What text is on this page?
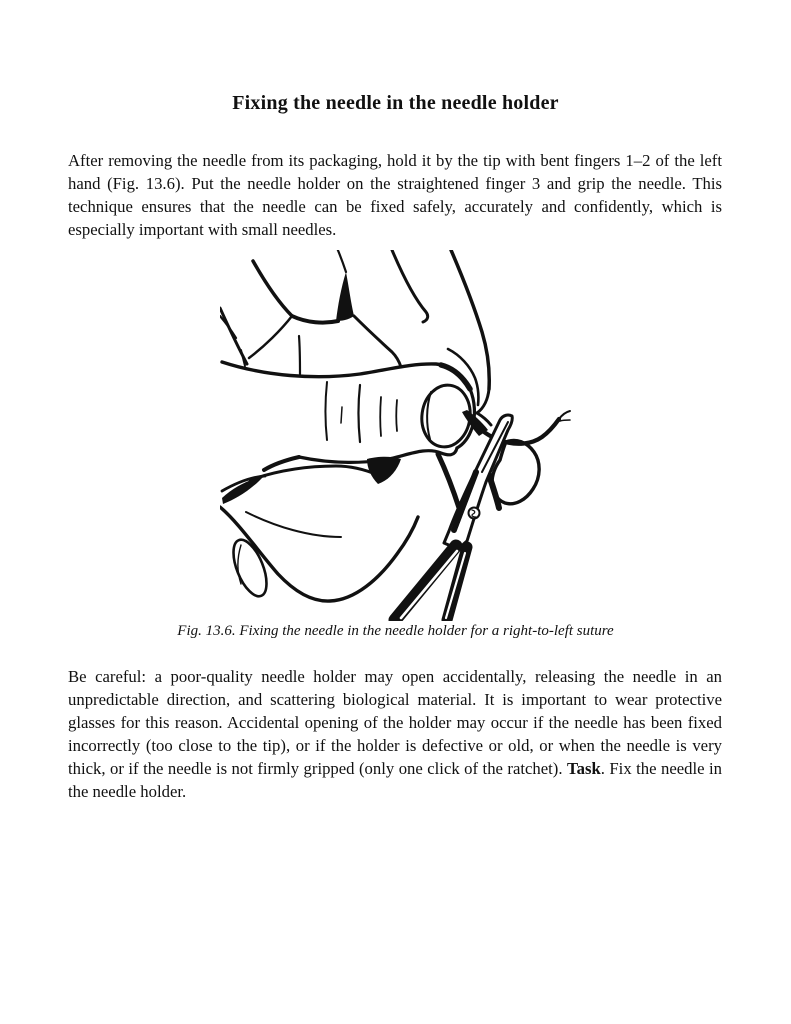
Fixing the needle in the needle holder

After removing the needle from its packaging, hold it by the tip with bent fingers 1–2 of the left hand (Fig. 13.6). Put the needle holder on the straightened finger 3 and grip the needle. This technique ensures that the needle can be fixed safely, accurately and confidently, which is especially important with small needles.

Fig. 13.6. Fixing the needle in the needle holder for a right-to-left suture

Be careful: a poor-quality needle holder may open accidentally, releasing the needle in an unpredictable direction, and scattering biological material. It is important to wear protective glasses for this reason. Accidental opening of the holder may occur if the needle has been fixed incorrectly (too close to the tip), or if the holder is defective or old, or when the needle is very thick, or if the needle is not firmly gripped (only one click of the ratchet). Task. Fix the needle in the needle holder.
